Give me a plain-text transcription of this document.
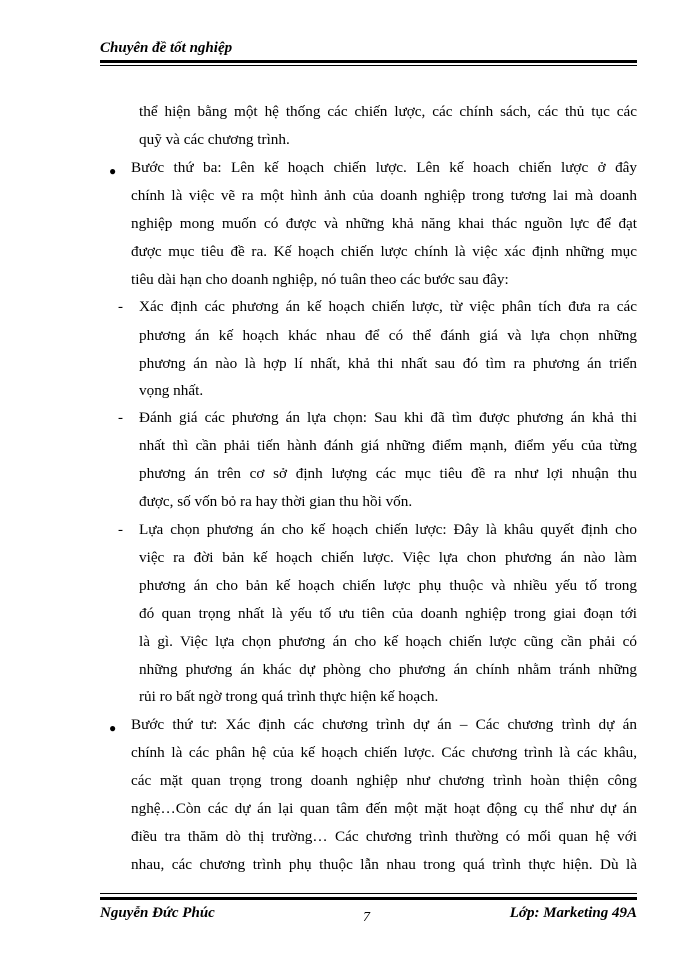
Chuyên đề tốt nghiệp
thể hiện bằng một hệ thống các chiến lược, các chính sách, các thủ tục các
quỹ và các chương trình.
● Bước thứ ba: Lên kế hoạch chiến lược. Lên kế hoach chiến lược ở đây
chính là việc vẽ ra một hình ảnh của doanh nghiệp trong tương lai mà doanh
nghiệp mong muốn có được và những khả năng khai thác nguồn lực để đạt
được mục tiêu đề ra. Kế hoạch chiến lược chính là việc xác định những mục
tiêu dài hạn cho doanh nghiệp, nó tuân theo các bước sau đây:
- Xác định các phương án kế hoạch chiến lược, từ việc phân tích đưa ra các
phương án kế hoạch khác nhau để có thể đánh giá và lựa chọn những
phương án nào là hợp lí nhất, khả thi nhất sau đó tìm ra phương án triển
vọng nhất.
- Đánh giá các phương án lựa chọn: Sau khi đã tìm được phương án khả thi
nhất thì cần phải tiến hành đánh giá những điểm mạnh, điểm yếu của từng
phương án trên cơ sở định lượng các mục tiêu đề ra như lợi nhuận thu
được, số vốn bỏ ra hay thời gian thu hồi vốn.
- Lựa chọn phương án cho kế hoạch chiến lược: Đây là khâu quyết định cho
việc ra đời bản kế hoạch chiến lược. Việc lựa chon phương án nào làm
phương án cho bản kế hoạch chiến lược phụ thuộc và nhiều yếu tố trong
đó quan trọng nhất là yếu tố ưu tiên của doanh nghiệp trong giai đoạn tới
là gì. Việc lựa chọn phương án cho kế hoạch chiến lược cũng cần phải có
những phương án khác dự phòng cho phương án chính nhằm tránh những
rủi ro bất ngờ trong quá trình thực hiện kế hoạch.
● Bước thứ tư: Xác định các chương trình dự án – Các chương trình dự án
chính là các phân hệ của kế hoạch chiến lược. Các chương trình là các khâu,
các mặt quan trọng trong doanh nghiệp như chương trình hoàn thiện công
nghệ…Còn các dự án lại quan tâm đến một mặt hoạt động cụ thể như dự án
điều tra thăm dò thị trường… Các chương trình thường có mối quan hệ với
nhau, các chương trình phụ thuộc lẫn nhau trong quá trình thực hiện. Dù là
Nguyễn Đức Phúc	7	Lớp: Marketing 49A
